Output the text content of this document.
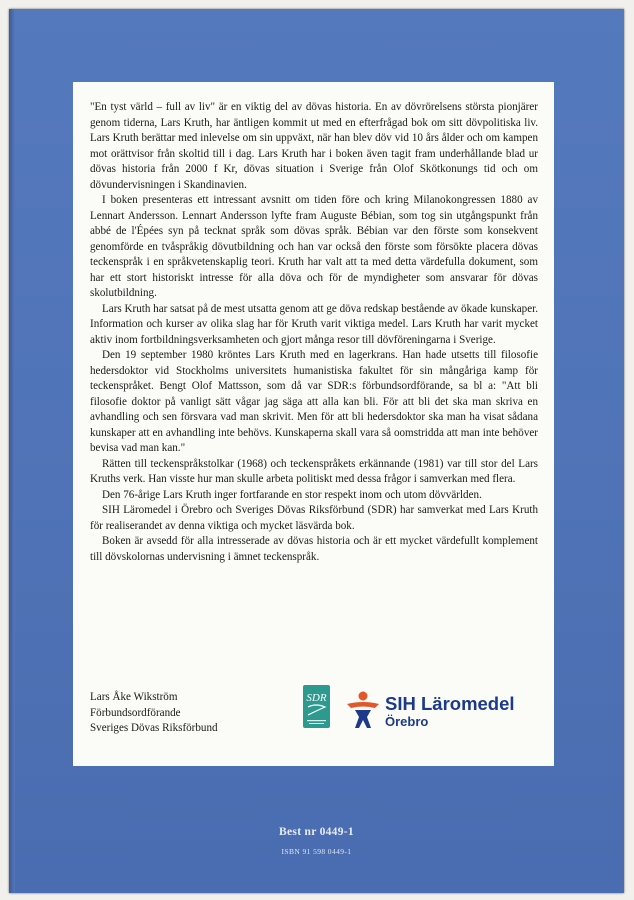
"En tyst värld – full av liv" är en viktig del av dövas historia. En av dövrörelsens största pionjärer genom tiderna, Lars Kruth, har äntligen kommit ut med en efterfrågad bok om sitt dövpolitiska liv. Lars Kruth berättar med inlevelse om sin uppväxt, när han blev döv vid 10 års ålder och om kampen mot orättvisor från skoltid till i dag. Lars Kruth har i boken även tagit fram underhållande blad ur dövas historia från 2000 f Kr, dövas situation i Sverige från Olof Skötkonungs tid och om dövundervisningen i Skandinavien.

I boken presenteras ett intressant avsnitt om tiden före och kring Milanokongressen 1880 av Lennart Andersson. Lennart Andersson lyfte fram Auguste Bébian, som tog sin utgångspunkt från abbé de l'Épées syn på tecknat språk som dövas språk. Bébian var den förste som konsekvent genomförde en tvåspråkig dövutbildning och han var också den förste som försökte placera dövas teckenspråk i en språkvetenskaplig teori. Kruth har valt att ta med detta värdefulla dokument, som har ett stort historiskt intresse för alla döva och för de myndigheter som ansvarar för dövas skolutbildning.

Lars Kruth har satsat på de mest utsatta genom att ge döva redskap bestående av ökade kunskaper. Information och kurser av olika slag har för Kruth varit viktiga medel. Lars Kruth har varit mycket aktiv inom fortbildningsverksamheten och gjort många resor till dövföreningarna i Sverige.

Den 19 september 1980 kröntes Lars Kruth med en lagerkrans. Han hade utsetts till filosofie hedersdoktor vid Stockholms universitets humanistiska fakultet för sin mångåriga kamp för teckenspråket. Bengt Olof Mattsson, som då var SDR:s förbundsordförande, sa bl a: "Att bli filosofie doktor på vanligt sätt vågar jag säga att alla kan bli. För att bli det ska man skriva en avhandling och sen försvara vad man skrivit. Men för att bli hedersdoktor ska man ha visat sådana kunskaper att en avhandling inte behövs. Kunskaperna skall vara så oomstridda att man inte behöver bevisa vad man kan."

Rätten till teckenspråkstolkar (1968) och teckenspråkets erkännande (1981) var till stor del Lars Kruths verk. Han visste hur man skulle arbeta politiskt med dessa frågor i samverkan med flera.

Den 76-årige Lars Kruth inger fortfarande en stor respekt inom och utom dövvärlden.

SIH Läromedel i Örebro och Sveriges Dövas Riksförbund (SDR) har samverkat med Lars Kruth för realiserandet av denna viktiga och mycket läsvärda bok.

Boken är avsedd för alla intresserade av dövas historia och är ett mycket värdefullt komplement till dövskolornas undervisning i ämnet teckenspråk.

Lars Åke Wikström
Förbundsordförande
Sveriges Dövas Riksförbund
SDR	SIH Läromedel
Örebro
Best nr 0449-1
ISBN 91 598 0449-1
